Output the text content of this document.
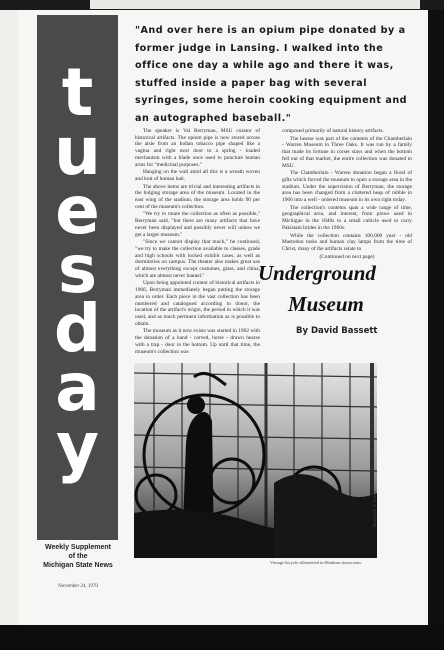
t
u
e
s
d
a
y
Weekly Supplement
of the
Michigan State News
November 24, 1970
"And over here is an opium pipe donated by a former judge in Lansing. I walked into the office one day a while ago and there it was, stuffed inside a paper bag with several syringes, some heroin cooking equipment and an autographed baseball."

The speaker is Val Berryman, MSU curator of historical artifacts. The opium pipe is now stored across the aisle from an Indian tobacco pipe shaped like a vagina and right next door to a spring - loaded mechanism with a blade once used to puncture human arms for "medicinal purposes."

Hanging on the wall amid all this is a wreath woven and knit of human hair.

The above items are trivial and interesting artifacts in the bulging storage area of the museum. Located in the east wing of the stadium, the storage area holds 90 per cent of the museum's collection.

"We try to rotate the collection as often as possible," Berryman said, "but there are many artifacts that have never been displayed and possibly never will unless we get a larger museum."

"Since we cannot display that much," he continued, "we try to make the collection available to classes, grade and high schools with locked exhibit cases, as well as dormitories on campus. The theater also makes great use of almost everything except costumes, glass, and china, which are almost never loaned."

Upon being appointed curator of historical artifacts in 1966, Berryman immediately began putting the storage area in order. Each piece in the vast collection has been numbered and catalogued according to donor, the location of the artifact's origin, the period in which it was used, and as much pertinent information as is possible to obtain.

The museum as it now exists was started in 1902 with the donation of a hand - carved, horse - drawn hearse with a trap - door in the bottom. Up until that time, the museum's collection was

composed primarily of natural history artifacts.

The hearse was part of the contents of the Chamberlain - Warren Museum in Three Oaks. It was run by a family that made its fortune in corset stays and when the bottom fell out of that market, the entire collection was donated to MSU.

The Chamberlain - Warren donation began a flood of gifts which forced the museum to open a storage area in the stadium. Under the supervision of Berryman, the storage area has been changed from a cluttered heap of rubble in 1966 into a well - ordered museum in its own right today.

The collection's contents span a wide range of time, geographical area, and interest, from plows used in Michigan in the 1840s to a small cubicle used to carry Pakistani brides in the 1960s.

While the collection contains 100,000 year - old Mastodon tusks and human clay lamps from the time of Christ, many of the artifacts relate to

(Continued on next page)

Underground
Museum
By David Bassett
Vintage bicycle silhouetted in Madison showroom.
Photo by D. B. Bidson
